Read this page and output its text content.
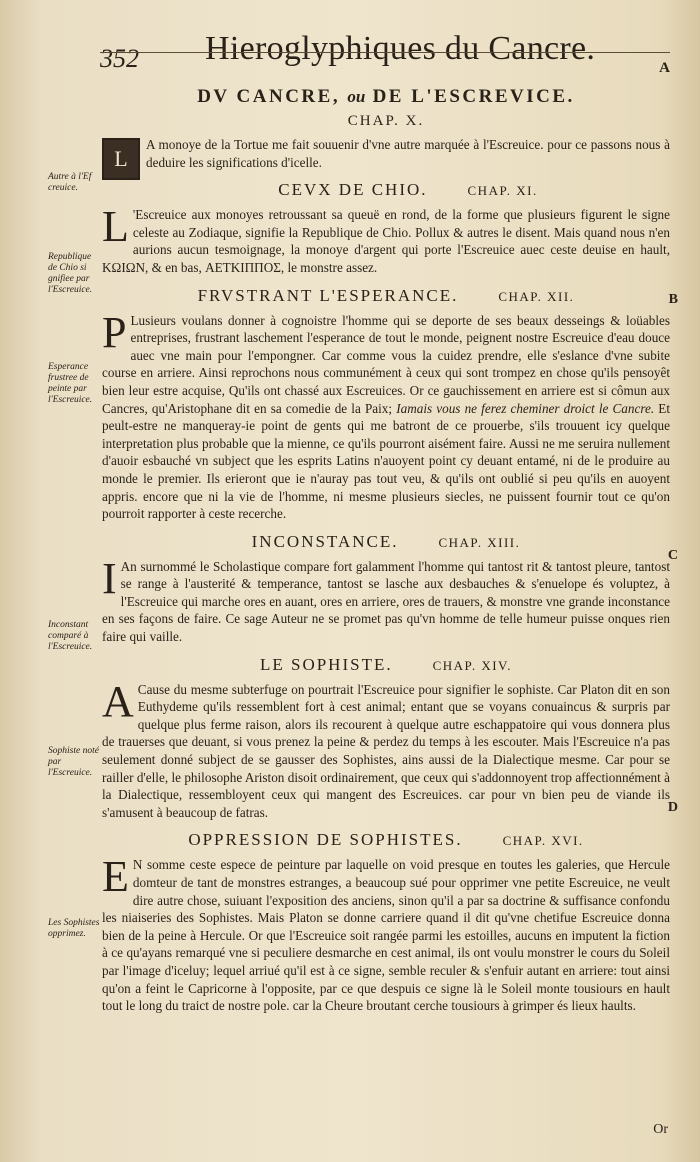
352 Hieroglyphiques du Cancre.
A
DV CANCRE, ou DE L'ESCREVICE.
CHAP. X.

L
A monoye de la Tortue me fait souuenir d'vne autre marquée à l'Escreuice. pour ce passons nous à deduire les significations d'icelle.

CEVX DE CHIO.	CHAP. XI.

L 'Escreuice aux monoyes retroussant sa queuë en rond, de la forme que plusieurs figurent le signe celeste au Zodiaque, signifie la Republique de Chio. Pollux & autres le disent. Mais quand nous n'en aurions aucun tesmoignage, la monoye d'argent qui porte l'Escreuice auec ceste deuise en hault, ΚΩΙΩΝ, & en bas, ΑΕΤΚΙΠΠΟΣ, le monstre assez.

FRVSTRANT L'ESPERANCE.	CHAP. XII.

P Lusieurs voulans donner à cognoistre l'homme qui se deporte de ses beaux desseings & loüables entreprises, frustrant laschement l'esperance de tout le monde, peignent nostre Escreuice d'eau douce auec vne main pour l'empongner. Car comme vous la cuidez prendre, elle s'eslance d'vne subite course en arriere. Ainsi reprochons nous communément à ceux qui sont trompez en chose qu'ils pensoyêt bien leur estre acquise, Qu'ils ont chassé aux Escreuices. Or ce gauchissement en arriere est si cômun aux Cancres, qu'Aristophane dit en sa comedie de la Paix; Iamais vous ne ferez cheminer droict le Cancre. Et peult-estre ne manqueray-ie point de gents qui me batront de ce prouerbe, s'ils trouuent icy quelque interpretation plus probable que la mienne, ce qu'ils pourront aisément faire. Aussi ne me seruira nullement d'auoir esbauché vn subject que les esprits Latins n'auoyent point cy deuant entamé, ni de le produire au monde le premier. Ils erieront que ie n'auray pas tout veu, & qu'ils ont oublié si peu qu'ils en auoyent appris. encore que ni la vie de l'homme, ni mesme plusieurs siecles, ne puissent fournir tout ce qu'on pourroit rapporter à ceste recerche.

INCONSTANCE.	CHAP. XIII.

I An surnommé le Scholastique compare fort galamment l'homme qui tantost rit & tantost pleure, tantost se range à l'austerité & temperance, tantost se lasche aux desbauches & s'enuelope és voluptez, à l'Escreuice qui marche ores en auant, ores en arriere, ores de trauers, & monstre vne grande inconstance en ses façons de faire. Ce sage Auteur ne se promet pas qu'vn homme de telle humeur puisse onques rien faire qui vaille.

LE SOPHISTE.	CHAP. XIV.

A Cause du mesme subterfuge on pourtrait l'Escreuice pour signifier le sophiste. Car Platon dit en son Euthydeme qu'ils ressemblent fort à cest animal; entant que se voyans conuaincus & surpris par quelque plus ferme raison, alors ils recourent à quelque autre eschappatoire qui vous donnera plus de trauerses que deuant, si vous prenez la peine & perdez du temps à les escouter. Mais l'Escreuice n'a pas seulement donné subject de se gausser des Sophistes, ains aussi de la Dialectique mesme. Car pour se railler d'elle, le philosophe Ariston disoit ordinairement, que ceux qui s'addonnoyent trop affectionnément à la Dialectique, ressembloyent ceux qui mangent des Escreuices. car pour vn bien peu de viande ils s'amusent à beaucoup de fatras.

OPPRESSION DE SOPHISTES.	CHAP. XVI.

E N somme ceste espece de peinture par laquelle on void presque en toutes les galeries, que Hercule domteur de tant de monstres estranges, a beaucoup sué pour opprimer vne petite Escreuice, ne veult dire autre chose, suiuant l'exposition des anciens, sinon qu'il a par sa doctrine & suffisance confondu les niaiseries des Sophistes. Mais Platon se donne carriere quand il dit qu'vne chetifue Escreuice donna bien de la peine à Hercule. Or que l'Escreuice soit rangée parmi les estoilles, aucuns en imputent la fiction à ce qu'ayans remarqué vne si peculiere desmarche en cest animal, ils ont voulu monstrer le cours du Soleil par l'image d'iceluy; lequel arriué qu'il est à ce signe, semble reculer & s'enfuir autant en arriere: tout ainsi qu'on a feint le Capricorne à l'opposite, par ce que despuis ce signe là le Soleil monte tousiours en hault tout le long du traict de nostre pole. car la Cheure broutant cerche tousiours à grimper és lieux haults.

Autre à l'Ef creuice.
Republique de Chio si gnifiee par l'Escreuice.
Esperance frustree de peinte par l'Escreuice.
Inconstant comparé à l'Escreuice.
Sophiste noté par l'Escreuice.
Les Sophistes opprimez.
B
C
D
Or
